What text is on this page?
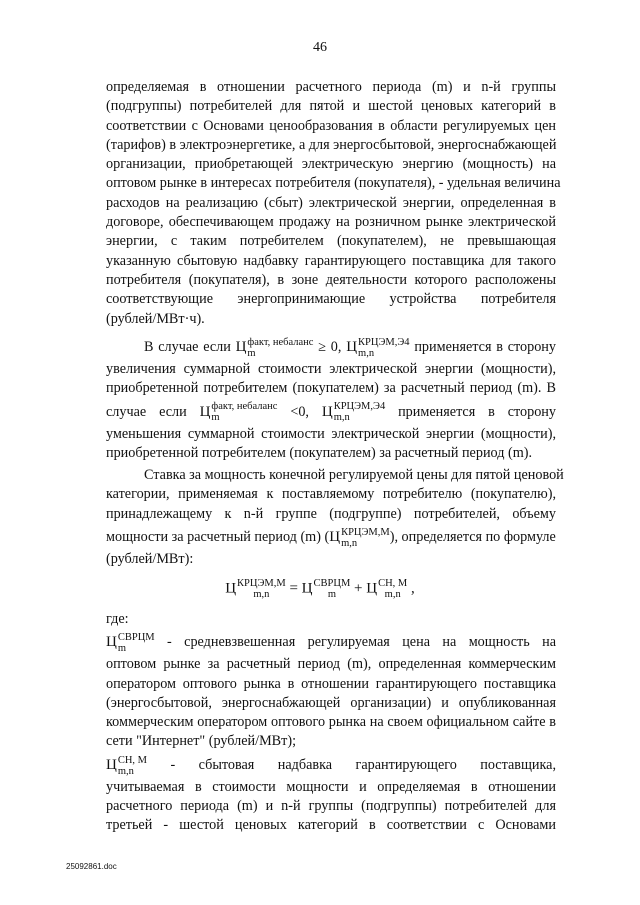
46
определяемая в отношении расчетного периода (m) и n-й группы
(подгруппы) потребителей для пятой и шестой ценовых категорий в
соответствии с Основами ценообразования в области регулируемых цен
(тарифов) в электроэнергетике, а для энергосбытовой, энергоснабжающей
организации, приобретающей электрическую энергию (мощность) на
оптовом рынке в интересах потребителя (покупателя), - удельная величина
расходов на реализацию (сбыт) электрической энергии, определенная в
договоре, обеспечивающем продажу на розничном рынке электрической
энергии, с таким потребителем (покупателем), не превышающая
указанную сбытовую надбавку гарантирующего поставщика для такого
потребителя (покупателя), в зоне деятельности которого расположены
соответствующие энергопринимающие устройства потребителя
(рублей/МВт·ч).
В случае если Ц факт, небаланс
m	≥ 0, Ц КРЦЭМ,Э4
m,n	применяется в сторону
увеличения суммарной стоимости электрической энергии (мощности),
приобретенной потребителем (покупателем) за расчетный период (m). В
случае если Ц факт, небаланс
m	<0, Ц КРЦЭМ,Э4
m,n	применяется в сторону
уменьшения суммарной стоимости электрической энергии (мощности),
приобретенной потребителем (покупателем) за расчетный период (m).
Ставка за мощность конечной регулируемой цены для пятой ценовой
категории, применяемая к поставляемому потребителю (покупателю),
принадлежащему к n-й группе (подгруппе) потребителей, объему
мощности за расчетный период (m) (Ц КРЦЭМ,М
m,n	), определяется по формуле
(рублей/МВт):
Ц КРЦЭМ,М
m,n	= Ц СВРЦМ
m	+ Ц СН, М
m,n ,
где:
Ц СВРЦМ
m	- средневзвешенная регулируемая цена на мощность на
оптовом рынке за расчетный период (m), определенная коммерческим
оператором оптового рынка в отношении гарантирующего поставщика
(энергосбытовой, энергоснабжающей организации) и опубликованная
коммерческим оператором оптового рынка на своем официальном сайте в
сети "Интернет" (рублей/МВт);
Ц СН, М
m,n	- сбытовая надбавка гарантирующего поставщика,
учитываемая в стоимости мощности и определяемая в отношении
расчетного периода (m) и n-й группы (подгруппы) потребителей для
третьей - шестой ценовых категорий в соответствии с Основами
25092861.doc
